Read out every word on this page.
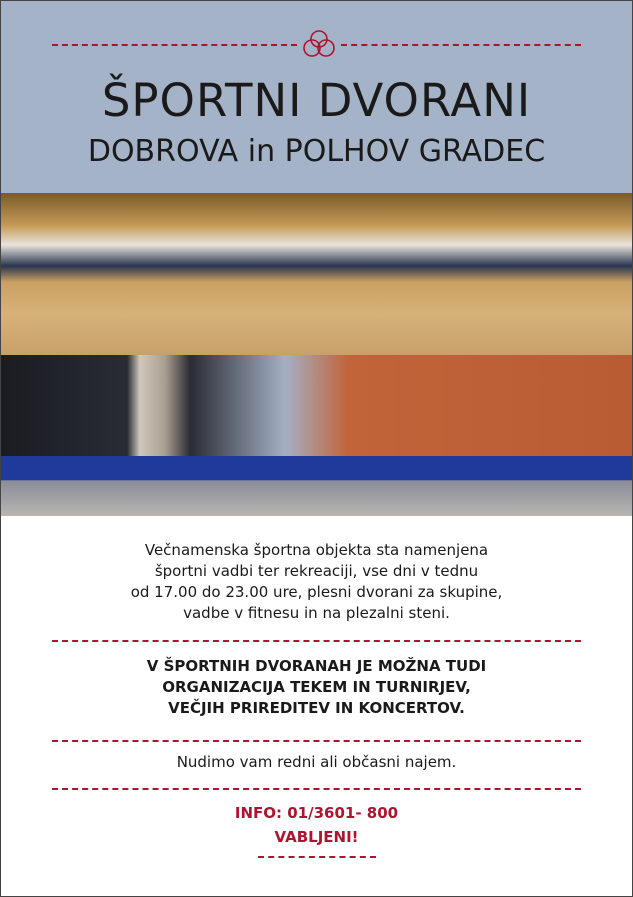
ŠPORTNI DVORANI
DOBROVA in POLHOV GRADEC
Večnamenska športna objekta sta namenjena
športni vadbi ter rekreaciji, vse dni v tednu
od 17.00 do 23.00 ure, plesni dvorani za skupine,
vadbe v fitnesu in na plezalni steni.
V ŠPORTNIH DVORANAH JE MOŽNA TUDI
ORGANIZACIJA TEKEM IN TURNIRJEV,
VEČJIH PRIREDITEV IN KONCERTOV.
Nudimo vam redni ali občasni najem.
INFO: 01/3601- 800
VABLJENI!
